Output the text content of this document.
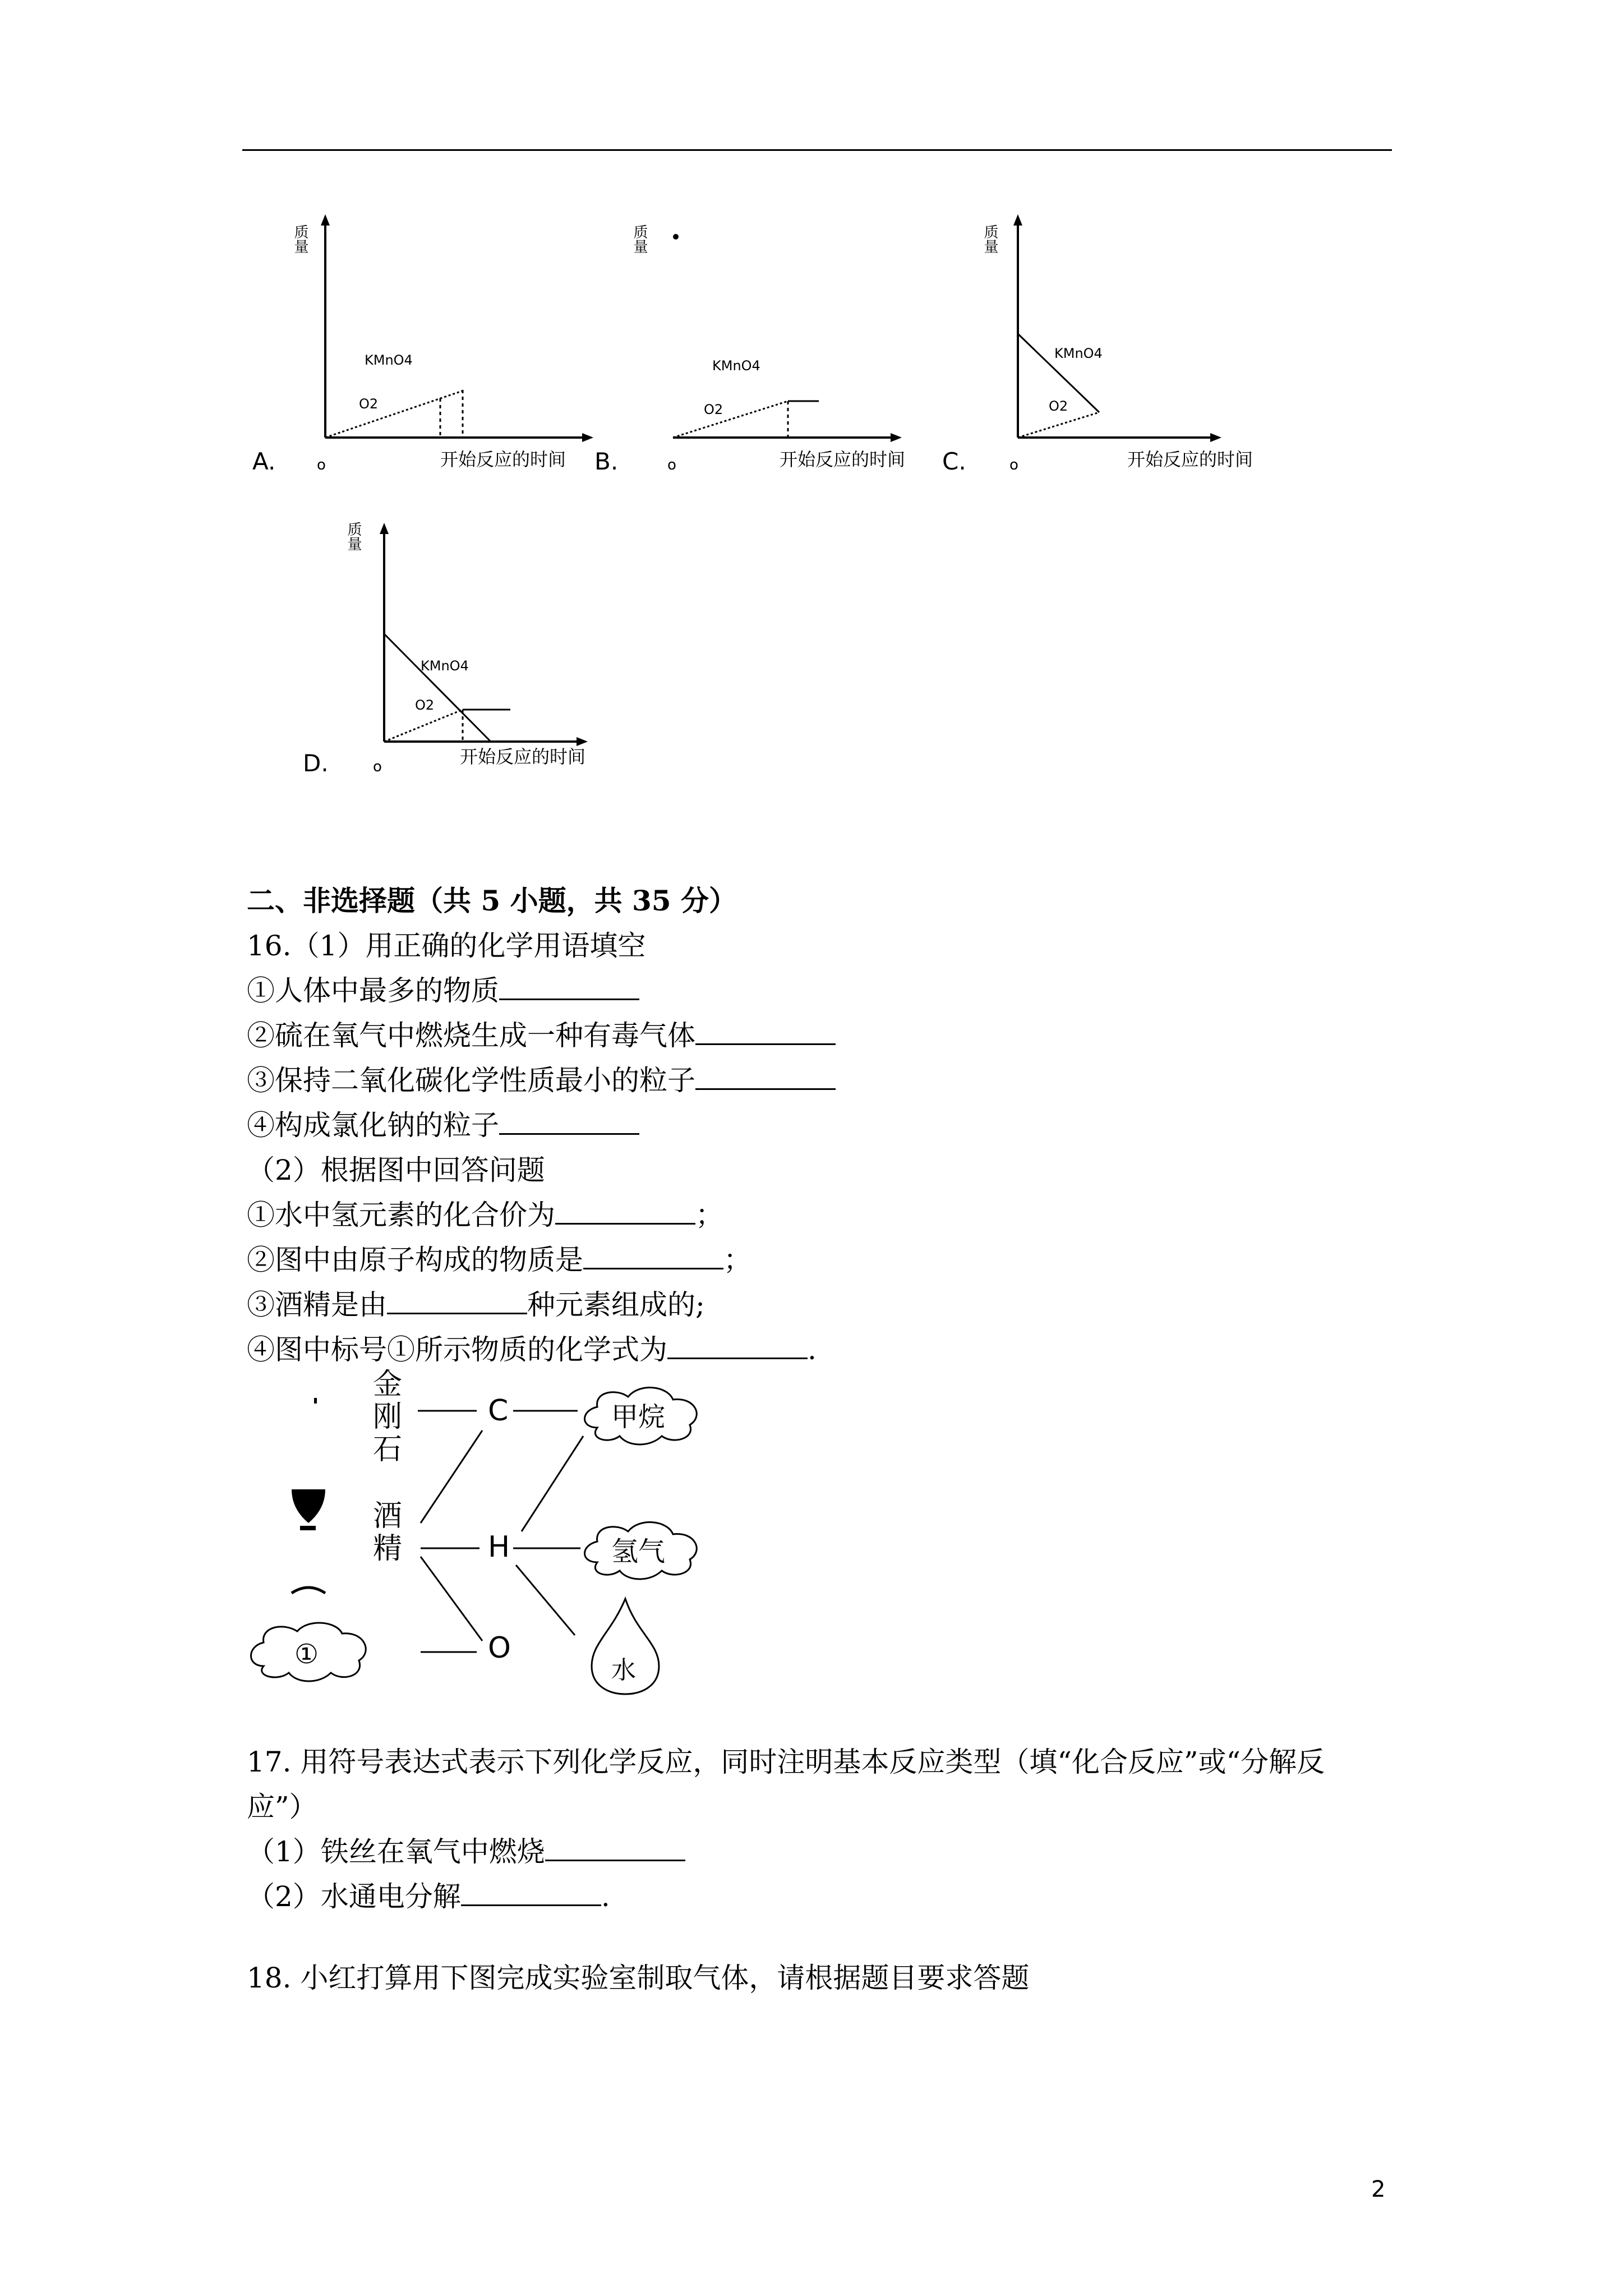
A.
质量
KMnO4
O2
o	开始反应的时间 B.
质量
KMnO4
O2
o	开始反应的时间 C.
质量
KMnO4
O2
o	开始反应的时间
D.
质量
KMnO4
O2
o	开始反应的时间
二、非选择题（共 5 小题，共 35 分）
16.（1）用正确的化学用语填空
①人体中最多的物质
②硫在氧气中燃烧生成一种有毒气体
③保持二氧化碳化学性质最小的粒子
④构成氯化钠的粒子
（2）根据图中回答问题
①水中氢元素的化合价为	；
②图中由原子构成的物质是	；
③酒精是由	种元素组成的;
④图中标号①所示物质的化学式为	.
金
刚
石
酒
精
C
H
O
甲烷
氢气
水
①
17. 用符号表达式表示下列化学反应，同时注明基本反应类型（填“化合反应”或“分解反
应”）
（1）铁丝在氧气中燃烧
（2）水通电分解	.
18. 小红打算用下图完成实验室制取气体，请根据题目要求答题
2
